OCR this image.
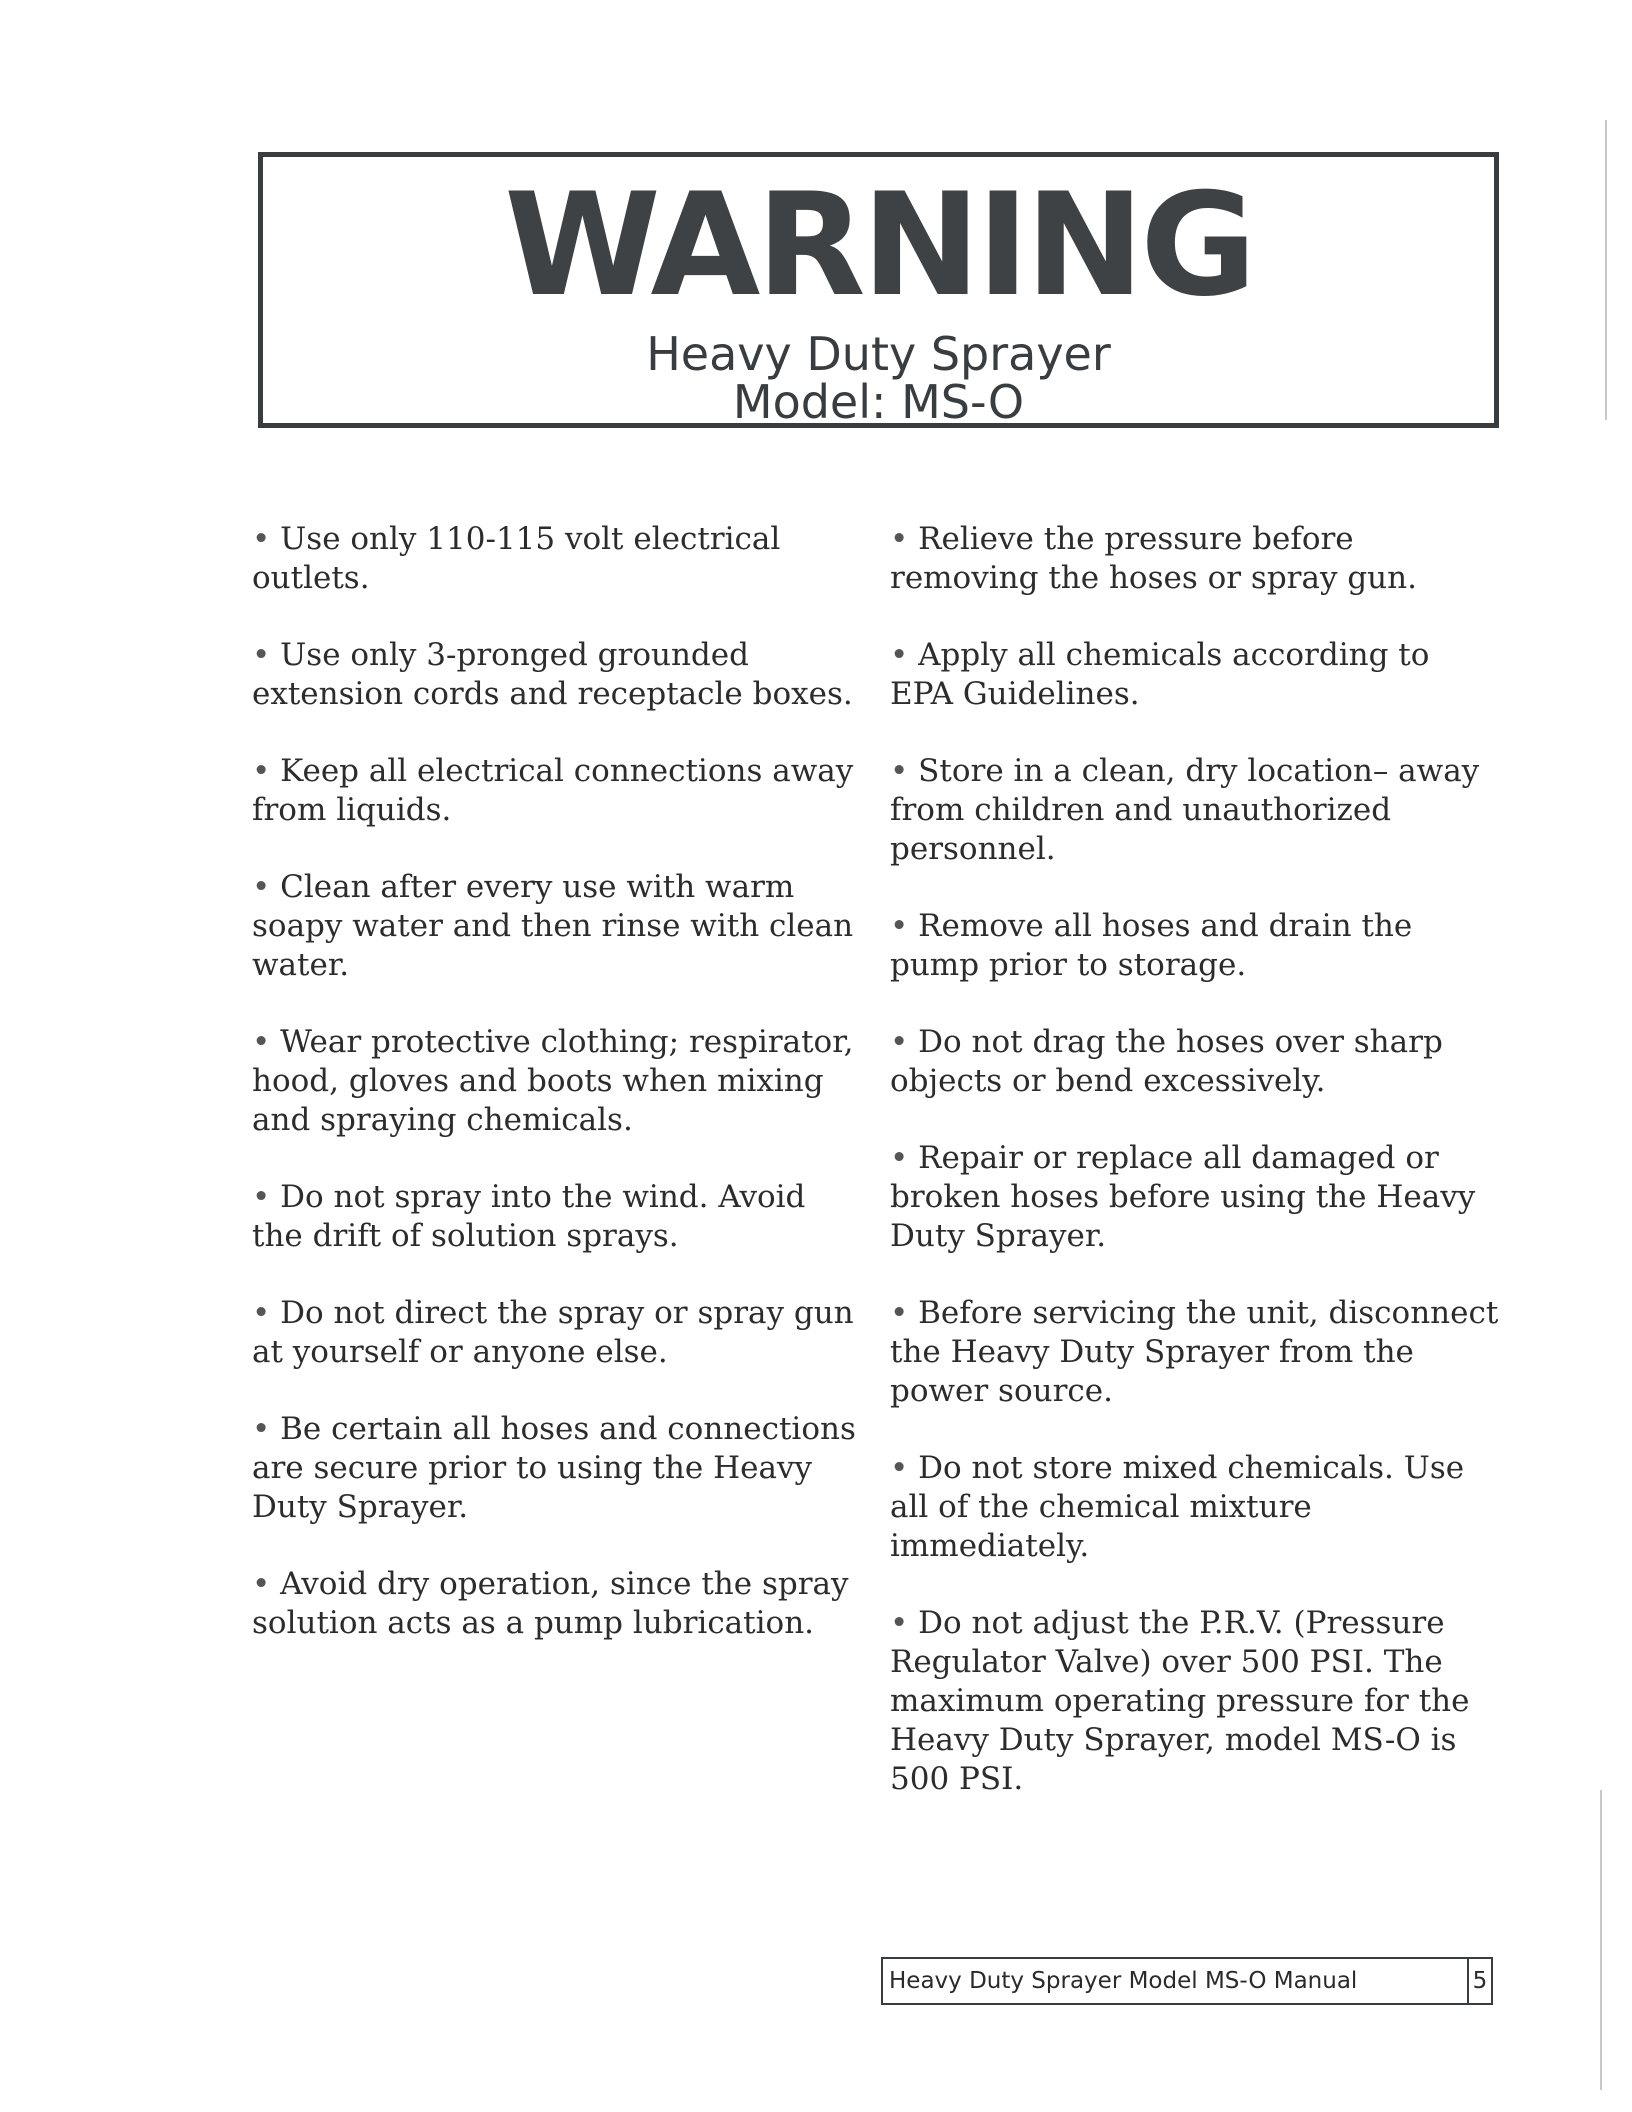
WARNING
Heavy Duty Sprayer
Model: MS-O

• Use only 110-115 volt electrical outlets.

• Use only 3-pronged grounded extension cords and receptacle boxes.

• Keep all electrical connections away from liquids.

• Clean after every use with warm soapy water and then rinse with clean water.

• Wear protective clothing; respirator, hood, gloves and boots when mixing and spraying chemicals.

• Do not spray into the wind. Avoid the drift of solution sprays.

• Do not direct the spray or spray gun at yourself or anyone else.

• Be certain all hoses and connections are secure prior to using the Heavy Duty Sprayer.

• Avoid dry operation, since the spray solution acts as a pump lubrication.

• Relieve the pressure before removing the hoses or spray gun.

• Apply all chemicals according to EPA Guidelines.

• Store in a clean, dry location– away from children and unauthorized personnel.

• Remove all hoses and drain the pump prior to storage.

• Do not drag the hoses over sharp objects or bend excessively.

• Repair or replace all damaged or broken hoses before using the Heavy Duty Sprayer.

• Before servicing the unit, disconnect the Heavy Duty Sprayer from the power source.

• Do not store mixed chemicals. Use all of the chemical mixture immediately.

• Do not adjust the P.R.V. (Pressure Regulator Valve) over 500 PSI. The maximum operating pressure for the Heavy Duty Sprayer, model MS-O is 500 PSI.

Heavy Duty Sprayer Model MS-O Manual	5
